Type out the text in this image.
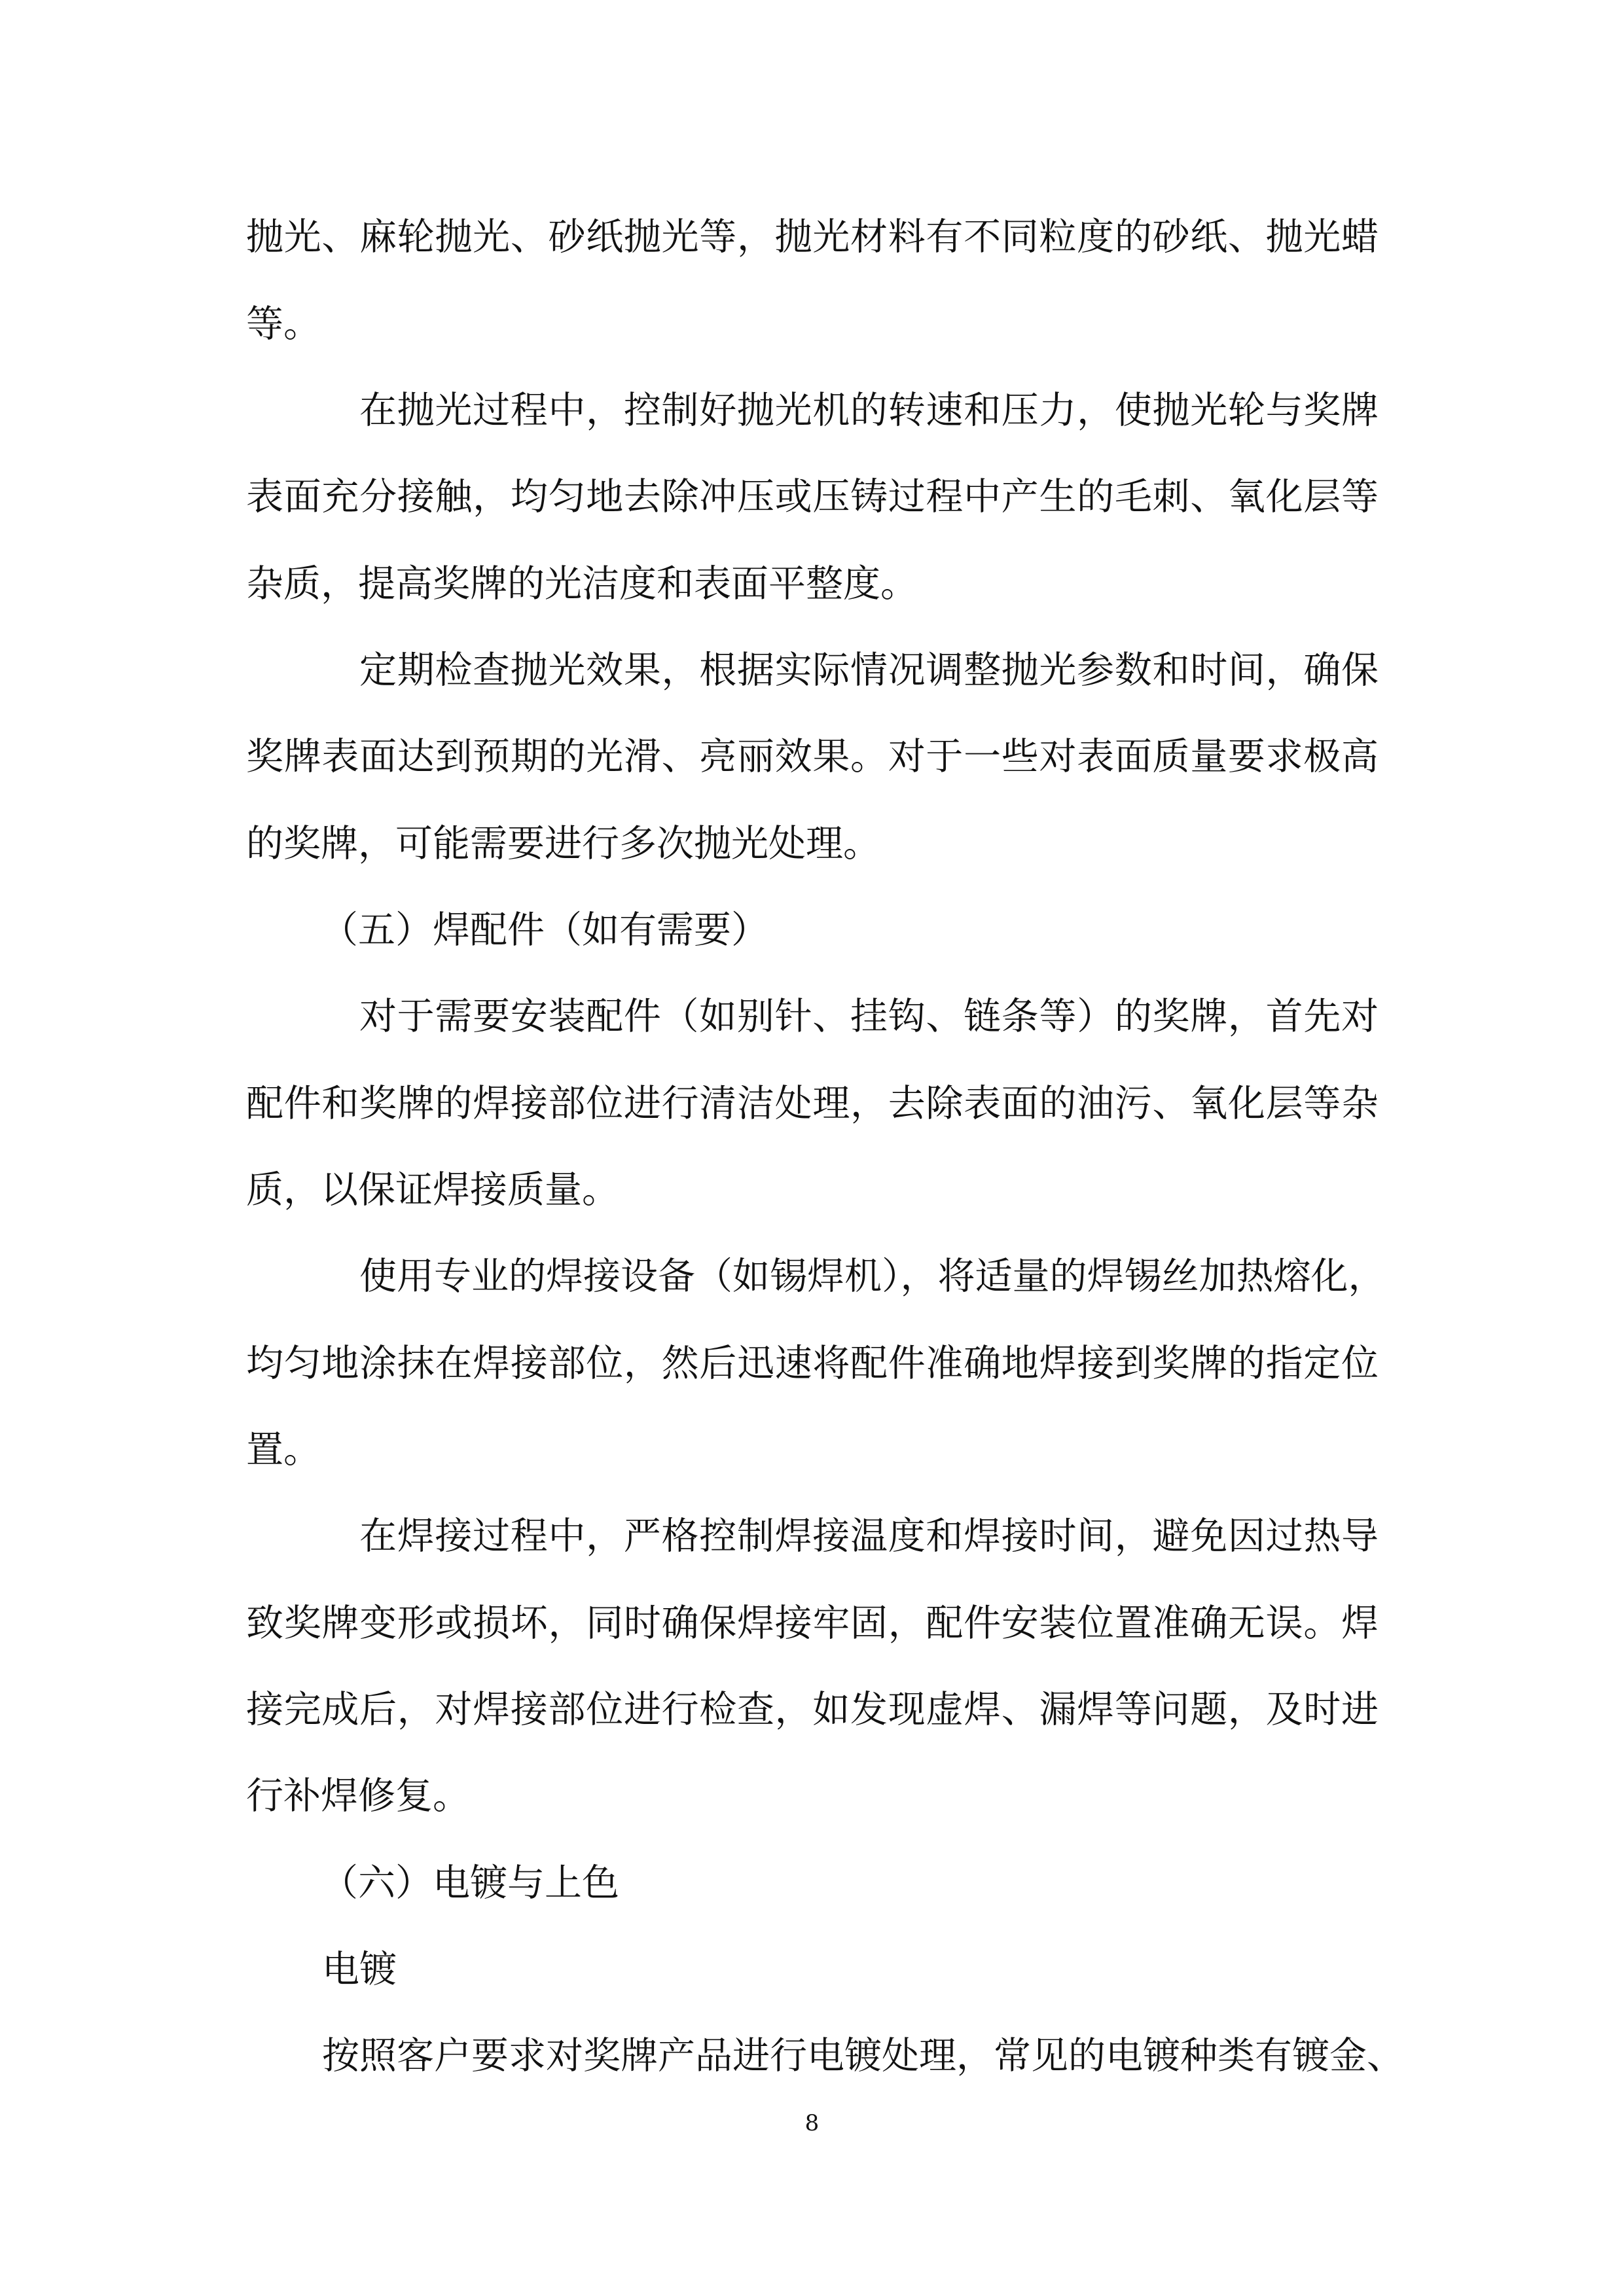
抛光、麻轮抛光、砂纸抛光等，抛光材料有不同粒度的砂纸、抛光蜡

等。

在抛光过程中，控制好抛光机的转速和压力，使抛光轮与奖牌

表面充分接触，均匀地去除冲压或压铸过程中产生的毛刺、氧化层等

杂质，提高奖牌的光洁度和表面平整度。

定期检查抛光效果，根据实际情况调整抛光参数和时间，确保

奖牌表面达到预期的光滑、亮丽效果。对于一些对表面质量要求极高

的奖牌，可能需要进行多次抛光处理。

（五）焊配件（如有需要）

对于需要安装配件（如别针、挂钩、链条等）的奖牌，首先对

配件和奖牌的焊接部位进行清洁处理，去除表面的油污、氧化层等杂

质，以保证焊接质量。

使用专业的焊接设备（如锡焊机），将适量的焊锡丝加热熔化，

均匀地涂抹在焊接部位，然后迅速将配件准确地焊接到奖牌的指定位

置。

在焊接过程中，严格控制焊接温度和焊接时间，避免因过热导

致奖牌变形或损坏，同时确保焊接牢固，配件安装位置准确无误。焊

接完成后，对焊接部位进行检查，如发现虚焊、漏焊等问题，及时进

行补焊修复。

（六）电镀与上色

电镀

按照客户要求对奖牌产品进行电镀处理，常见的电镀种类有镀金、

8
